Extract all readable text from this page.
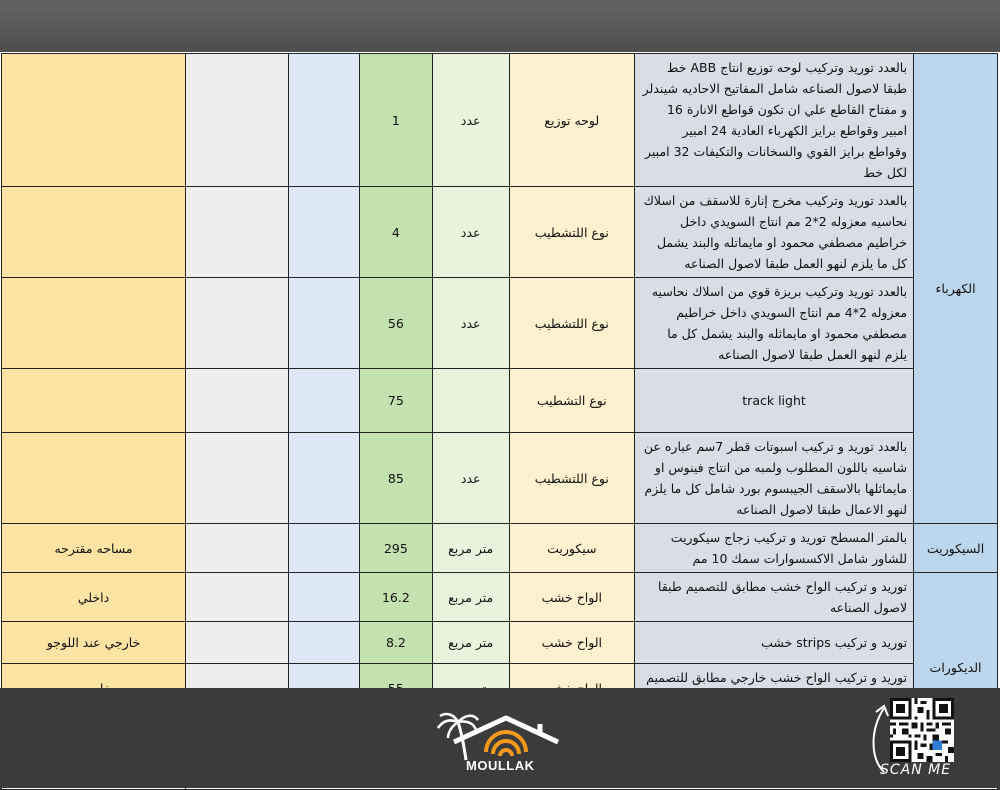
الكهرباء	بالعدد توريد وتركيب لوحه توزيع انتاج ABB خط طبقا لاصول الصناعه شامل المفاتيح الاحاديه شيندلر و مفتاح القاطع علي ان تكون قواطع الانارة 16 امبير وقواطع برايز الكهرباء العادية 24 امبير وقواطع برايز القوي والسخانات والتكيفات 32 امبير لكل خط	لوحه توزيع	عدد	1			
	بالعدد توريد وتركيب مخرج إنارة للاسقف من اسلاك نحاسيه معزوله 2*2 مم انتاج السويدي داخل خراطيم مصطفي محمود او مايماتله والبند يشمل كل ما يلزم لنهو العمل طبقا لاصول الصناعه	نوع اللتشطيب	عدد	4			
	بالعدد توريد وتركيب بريزة قوي من اسلاك نحاسيه معزوله 2*4 مم انتاج السويدي داخل خراطيم مصطفي محمود او مايماثله والبند يشمل كل ما يلزم لنهو العمل طبقا لاصول الصناعه	نوع اللتشطيب	عدد	56			
	track light	نوع التشطيب		75			
	بالعدد توريد و تركيب اسبوتات قطر 7سم عباره عن شاسيه باللون المطلوب ولمبه من انتاج فينوس او مايماثلها بالاسقف الجيبسوم بورد شامل كل ما يلزم لنهو الاعمال طبقا لاصول الصناعه	نوع اللتشطيب	عدد	85			
السيكوريت	بالمتر المسطح توريد و تركيب زجاج سيكوريت للشاور شامل الاكسسوارات سمك 10 مم	سيكوريت	متر مربع	295			مساحه مقترحه
الديكورات	توريد و تركيب الواح خشب مطابق للتصميم طبقا لاصول الصناعه	الواح خشب	متر مربع	16.2			داخلي
	توريد و تركيب strips خشب	الواح خشب	متر مربع	8.2			خارجي عند اللوجو
	توريد و تركيب الواح خشب خارجي مطابق للتصميم						

MOULLAK	SCAN ME
